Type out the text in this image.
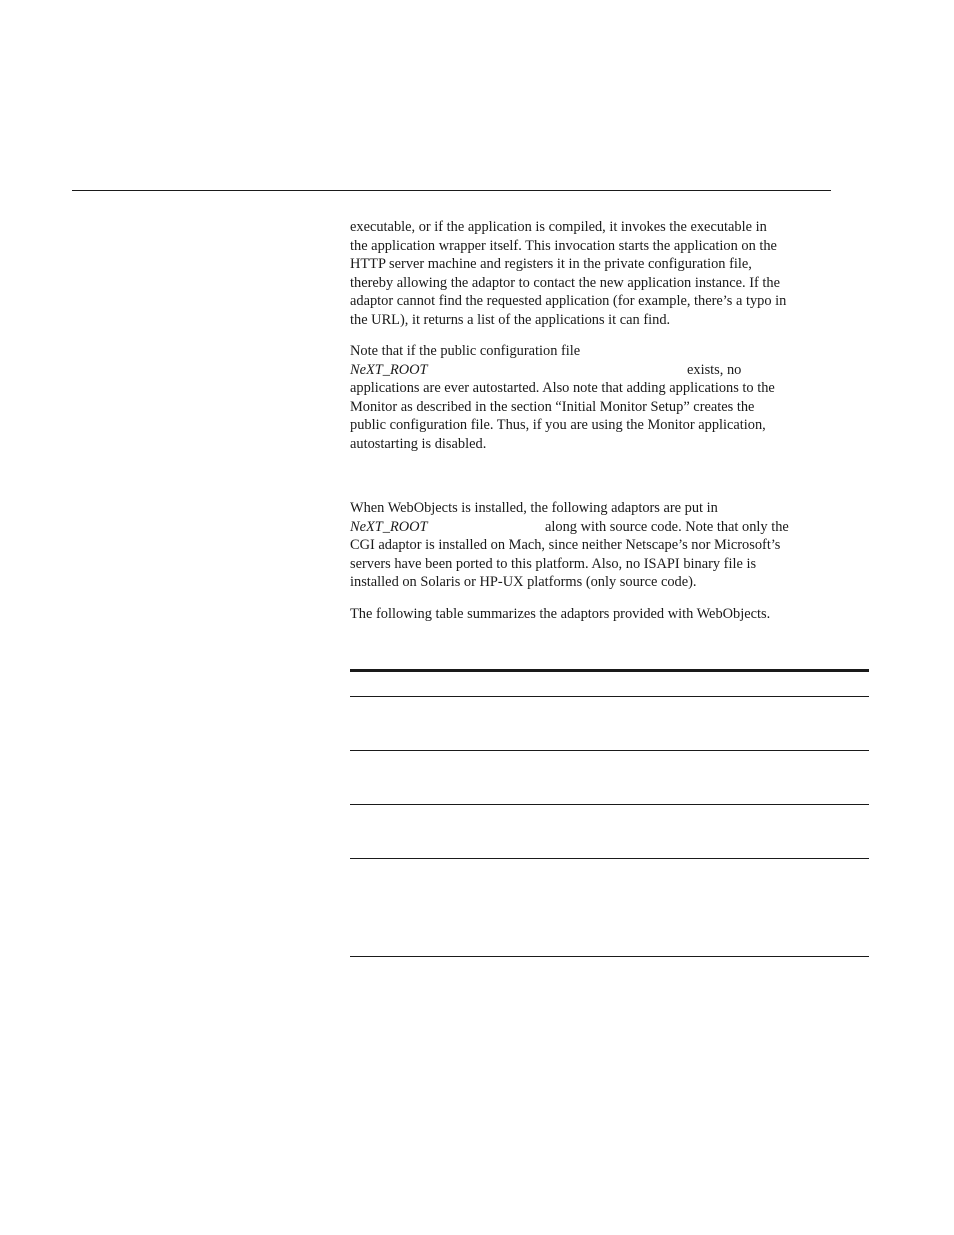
executable, or if the application is compiled, it invokes the executable in
the application wrapper itself. This invocation starts the application on the
HTTP server machine and registers it in the private configuration file,
thereby allowing the adaptor to contact the new application instance. If the
adaptor cannot find the requested application (for example, there’s a typo in
the URL), it returns a list of the applications it can find.
Note that if the public configuration file
NeXT_ROOT	exists, no
applications are ever autostarted. Also note that adding applications to the
Monitor as described in the section “Initial Monitor Setup” creates the
public configuration file. Thus, if you are using the Monitor application,
autostarting is disabled.
When WebObjects is installed, the following adaptors are put in
NeXT_ROOT	along with source code. Note that only the
CGI adaptor is installed on Mach, since neither Netscape’s nor Microsoft’s
servers have been ported to this platform. Also, no ISAPI binary file is
installed on Solaris or HP-UX platforms (only source code).
The following table summarizes the adaptors provided with WebObjects.
